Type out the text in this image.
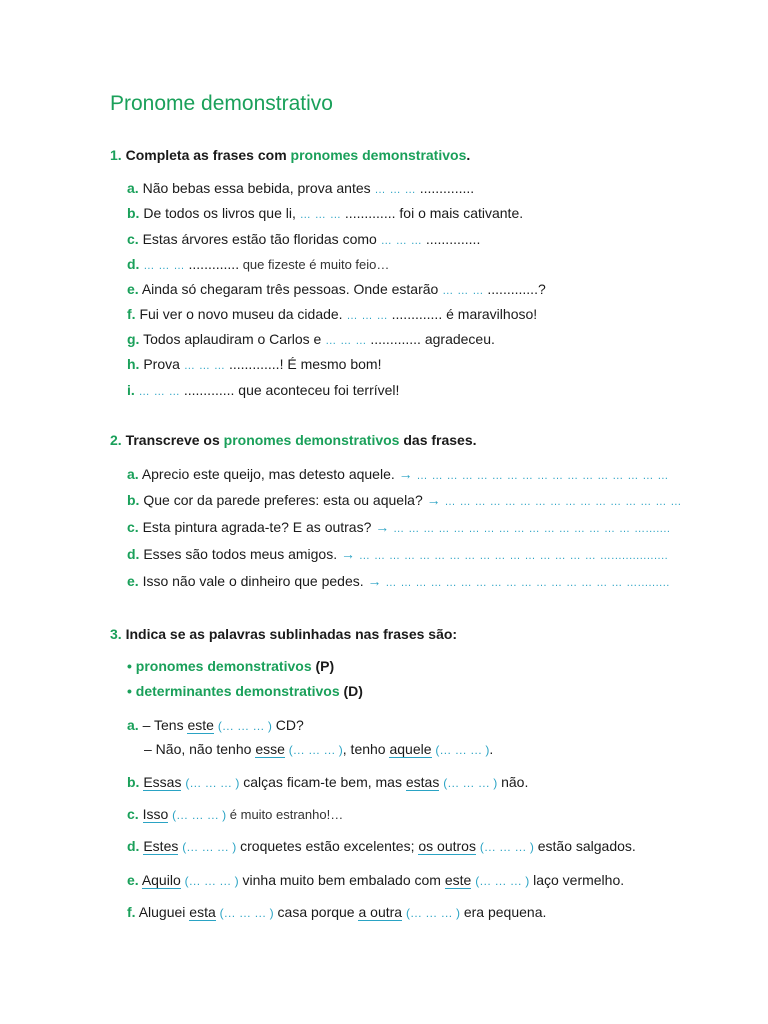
Pronome demonstrativo
1. Completa as frases com pronomes demonstrativos.
a. Não bebas essa bebida, prova antes … … … ..............
b. De todos os livros que li, … … … ............. foi o mais cativante.
c. Estas árvores estão tão floridas como … … … ..............
d. … … … ............. que fizeste é muito feio…
e. Ainda só chegaram três pessoas. Onde estarão … … … .............?
f. Fui ver o novo museu da cidade. … … … ............. é maravilhoso!
g. Todos aplaudiram o Carlos e … … … ............. agradeceu.
h. Prova … … … .............! É mesmo bom!
i. … … … ............. que aconteceu foi terrível!
2. Transcreve os pronomes demonstrativos das frases.
a. Aprecio este queijo, mas detesto aquele. → … … … … … … … … … … … … … … … … …
b. Que cor da parede preferes: esta ou aquela? → … … … … … … … … … … … … … … … …
c. Esta pintura agrada-te? E as outras? → … … … … … … … … … … … … … … … … ….......
d. Esses são todos meus amigos. → … … … … … … … … … … … … … … … … …................
e. Isso não vale o dinheiro que pedes. → … … … … … … … … … … … … … … … … ….........
3. Indica se as palavras sublinhadas nas frases são:
• pronomes demonstrativos (P)
• determinantes demonstrativos (D)
a. – Tens este (… … … ) CD?
– Não, não tenho esse (… … … ), tenho aquele (… … … ).
b. Essas (… … … ) calças ficam-te bem, mas estas (… … … ) não.
c. Isso (… … … ) é muito estranho!…
d. Estes (… … … ) croquetes estão excelentes; os outros (… … … ) estão salgados.
e. Aquilo (… … … ) vinha muito bem embalado com este (… … … ) laço vermelho.
f. Aluguei esta (… … … ) casa porque a outra (… … … ) era pequena.
